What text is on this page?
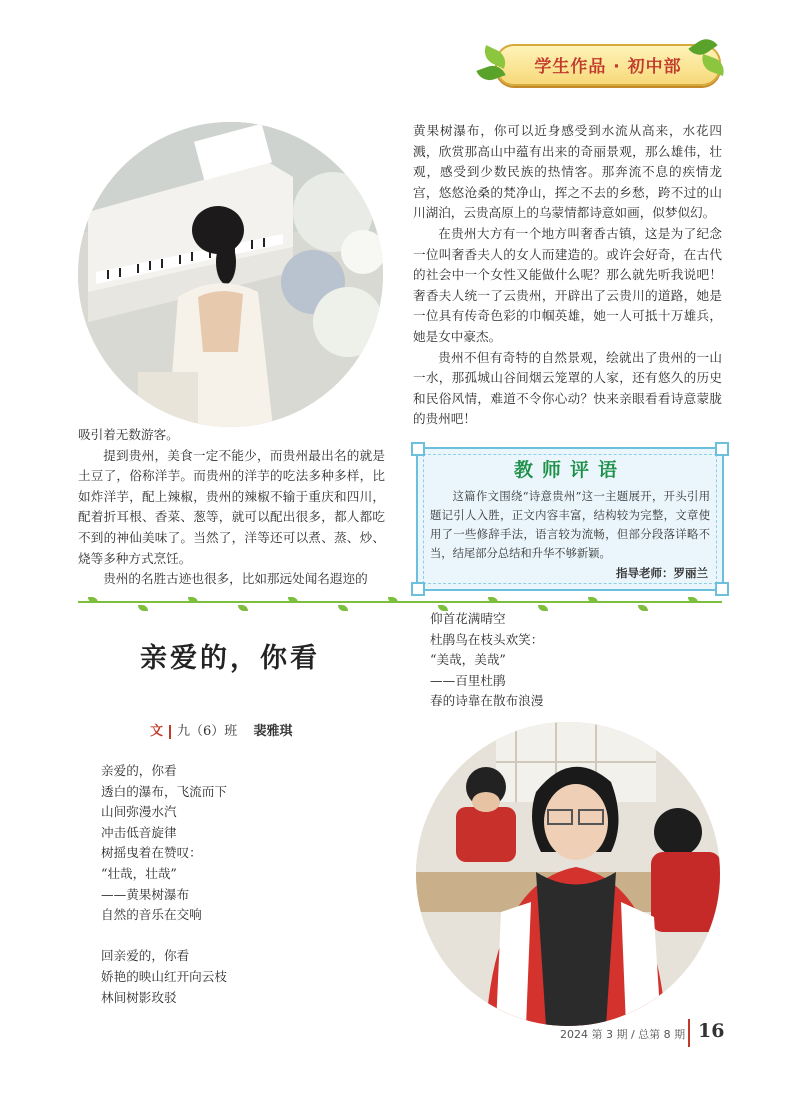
学生作品 · 初中部

黄果树瀑布，你可以近身感受到水流从高来，水花四溅，欣赏那高山中蕴有出来的奇丽景观，那么雄伟，壮观，感受到少数民族的热情客。那奔流不息的疾情龙宫，悠悠沧桑的梵净山，挥之不去的乡愁，跨不过的山川湖泊，云贵高原上的乌蒙情都诗意如画，似梦似幻。

在贵州大方有一个地方叫奢香古镇，这是为了纪念一位叫奢香夫人的女人而建造的。或许会好奇，在古代的社会中一个女性又能做什么呢？那么就先听我说吧！奢香夫人统一了云贵州，开辟出了云贵川的道路，她是一位具有传奇色彩的巾帼英雄，她一人可抵十万雄兵，她是女中豪杰。

贵州不但有奇特的自然景观，绘就出了贵州的一山一水，那孤城山谷间烟云笼罩的人家，还有悠久的历史和民俗风情，难道不令你心动？快来亲眼看看诗意蒙胧的贵州吧！

吸引着无数游客。

提到贵州，美食一定不能少，而贵州最出名的就是土豆了，俗称洋芋。而贵州的洋芋的吃法多种多样，比如炸洋芋，配上辣椒，贵州的辣椒不输于重庆和四川，配着折耳根、香菜、葱等，就可以配出很多，都人都吃不到的神仙美味了。当然了，洋等还可以煮、蒸、炒、烧等多种方式烹饪。

贵州的名胜古迹也很多，比如那远处闻名遐迩的

教师评语
这篇作文围绕“诗意贵州”这一主题展开，开头引用题记引人入胜，正文内容丰富，结构较为完整，文章使用了一些修辞手法，语言较为流畅，但部分段落详略不当，结尾部分总结和升华不够新颖。
指导老师：罗丽兰
亲爱的，你看
文 九（6）班 裴雅琪
亲爱的，你看
透白的瀑布，飞流而下
山间弥漫水汽
冲击低音旋律
树摇曳着在赞叹：
“壮哉，壮哉”
——黄果树瀑布
自然的音乐在交响
回亲爱的，你看
娇艳的映山红开向云枝
林间树影玫驳
仰首花满晴空
杜鹃鸟在枝头欢笑：
“美哉，美哉”
——百里杜鹃
春的诗靠在散布浪漫
2024 第 3 期 / 总第 8 期 16
